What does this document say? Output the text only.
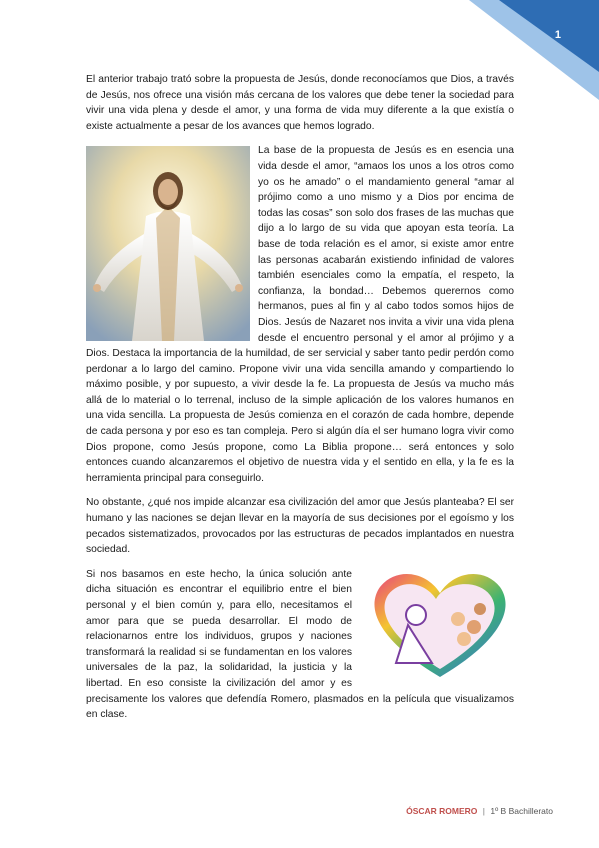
1

El anterior trabajo trató sobre la propuesta de Jesús, donde reconocíamos que Dios, a través de Jesús, nos ofrece una visión más cercana de los valores que debe tener la sociedad para vivir una vida plena y desde el amor, y una forma de vida muy diferente a la que existía o existe actualmente a pesar de los avances que hemos logrado.

La base de la propuesta de Jesús es en esencia una vida desde el amor, “amaos los unos a los otros como yo os he amado” o el mandamiento general “amar al prójimo como a uno mismo y a Dios por encima de todas las cosas” son solo dos frases de las muchas que dijo a lo largo de su vida que apoyan esta teoría. La base de toda relación es el amor, si existe amor entre las personas acabarán existiendo infinidad de valores también esenciales como la empatía, el respeto, la confianza, la bondad… Debemos querernos como hermanos, pues al fin y al cabo todos somos hijos de Dios. Jesús de Nazaret nos invita a vivir una vida plena desde el encuentro personal y el amor al prójimo y a Dios. Destaca la importancia de la humildad, de ser servicial y saber tanto pedir perdón como perdonar a lo largo del camino. Propone vivir una vida sencilla amando y compartiendo lo máximo posible, y por supuesto, a vivir desde la fe. La propuesta de Jesús va mucho más allá de lo material o lo terrenal, incluso de la simple aplicación de los valores humanos en una vida sencilla. La propuesta de Jesús comienza en el corazón de cada hombre, depende de cada persona y por eso es tan compleja. Pero si algún día el ser humano logra vivir como Dios propone, como Jesús propone, como La Biblia propone… será entonces y solo entonces cuando alcanzaremos el objetivo de nuestra vida y el sentido en ella, y la fe es la herramienta principal para conseguirlo.

No obstante, ¿qué nos impide alcanzar esa civilización del amor que Jesús planteaba? El ser humano y las naciones se dejan llevar en la mayoría de sus decisiones por el egoísmo y los pecados sistematizados, provocados por las estructuras de pecados implantados en nuestra sociedad.

Si nos basamos en este hecho, la única solución ante dicha situación es encontrar el equilibrio entre el bien personal y el bien común y, para ello, necesitamos el amor para que se pueda desarrollar. El modo de relacionarnos entre los individuos, grupos y naciones transformará la realidad si se fundamentan en los valores universales de la paz, la solidaridad, la justicia y la libertad. En eso consiste la civilización del amor y es precisamente los valores que defendía Romero, plasmados en la película que visualizamos en clase.

ÓSCAR ROMERO | 1º B Bachillerato
